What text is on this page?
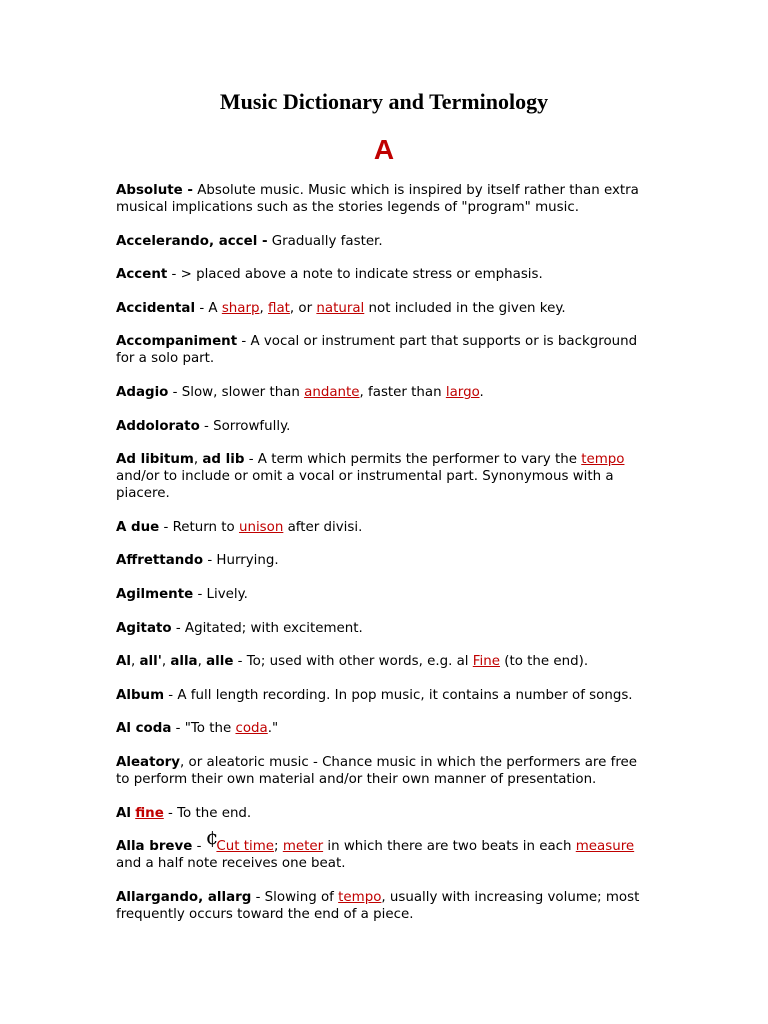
Music Dictionary and Terminology
A
Absolute - Absolute music. Music which is inspired by itself rather than extra musical implications such as the stories legends of "program" music.
Accelerando, accel - Gradually faster.
Accent - > placed above a note to indicate stress or emphasis.
Accidental - A sharp, flat, or natural not included in the given key.
Accompaniment - A vocal or instrument part that supports or is background for a solo part.
Adagio - Slow, slower than andante, faster than largo.
Addolorato - Sorrowfully.
Ad libitum, ad lib - A term which permits the performer to vary the tempo and/or to include or omit a vocal or instrumental part. Synonymous with a piacere.
A due - Return to unison after divisi.
Affrettando - Hurrying.
Agilmente - Lively.
Agitato - Agitated; with excitement.
Al, all', alla, alle - To; used with other words, e.g. al Fine (to the end).
Album - A full length recording. In pop music, it contains a number of songs.
Al coda - "To the coda."
Aleatory, or aleatoric music - Chance music in which the performers are free to perform their own material and/or their own manner of presentation.
Al fine - To the end.
Alla breve - ¢Cut time; meter in which there are two beats in each measure and a half note receives one beat.
Allargando, allarg - Slowing of tempo, usually with increasing volume; most frequently occurs toward the end of a piece.
